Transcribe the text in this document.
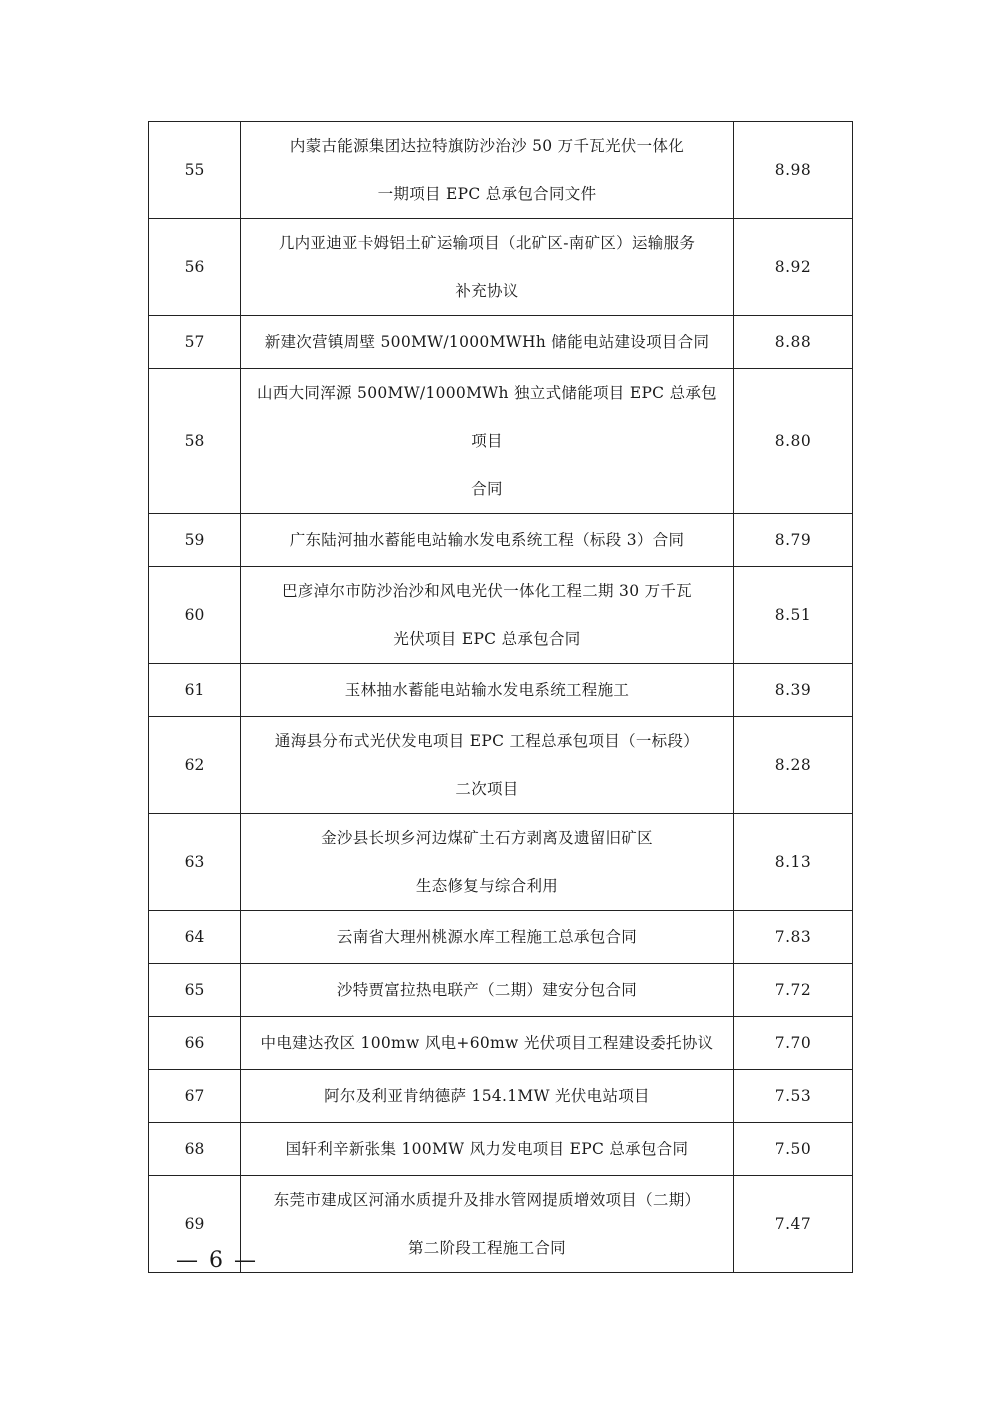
55	内蒙古能源集团达拉特旗防沙治沙 50 万千瓦光伏一体化
一期项目 EPC 总承包合同文件	8.98
56	几内亚迪亚卡姆铝土矿运输项目（北矿区-南矿区）运输服务
补充协议	8.92
57	新建次营镇周壁 500MW/1000MWHh 储能电站建设项目合同	8.88
58	山西大同浑源 500MW/1000MWh 独立式储能项目 EPC 总承包项目
合同	8.80
59	广东陆河抽水蓄能电站输水发电系统工程（标段 3）合同	8.79
60	巴彦淖尔市防沙治沙和风电光伏一体化工程二期 30 万千瓦
光伏项目 EPC 总承包合同	8.51
61	玉林抽水蓄能电站输水发电系统工程施工	8.39
62	通海县分布式光伏发电项目 EPC 工程总承包项目（一标段）
二次项目	8.28
63	金沙县长坝乡河边煤矿土石方剥离及遗留旧矿区
生态修复与综合利用	8.13
64	云南省大理州桃源水库工程施工总承包合同	7.83
65	沙特贾富拉热电联产（二期）建安分包合同	7.72
66	中电建达孜区 100mw 风电+60mw 光伏项目工程建设委托协议	7.70
67	阿尔及利亚肯纳德萨 154.1MW 光伏电站项目	7.53
68	国轩利辛新张集 100MW 风力发电项目 EPC 总承包合同	7.50
69	东莞市建成区河涌水质提升及排水管网提质增效项目（二期）
第二阶段工程施工合同	7.47
— 6 —
